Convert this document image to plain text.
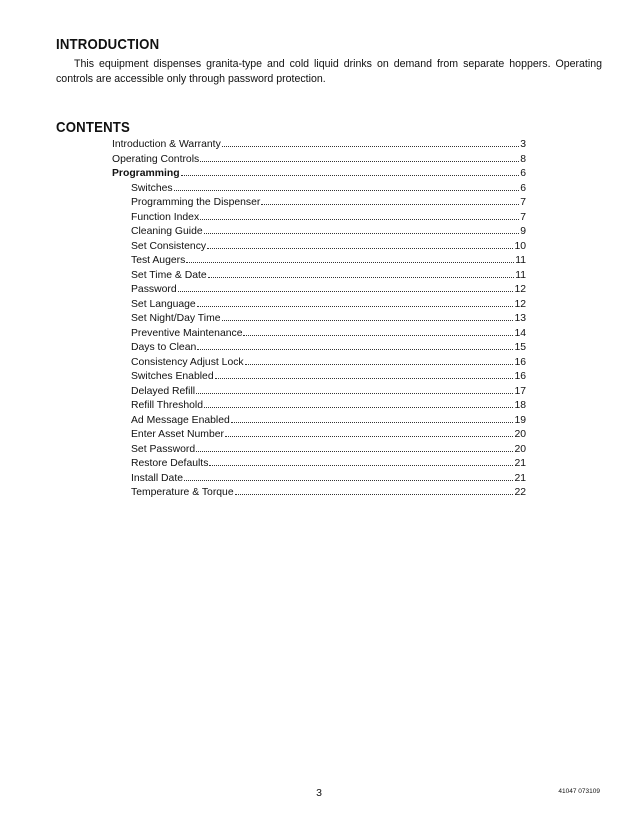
INTRODUCTION

This equipment dispenses granita-type and cold liquid drinks on demand from separate hoppers. Operating controls are accessible only through password protection.

CONTENTS
Introduction & Warranty	3
Operating Controls	8
Programming	6
Switches	6
Programming the Dispenser	7
Function Index	7
Cleaning Guide	9
Set Consistency	10
Test Augers	11
Set Time & Date	11
Password	12
Set Language	12
Set Night/Day Time	13
Preventive Maintenance	14
Days to Clean	15
Consistency Adjust Lock	16
Switches Enabled	16
Delayed Refill	17
Refill Threshold	18
Ad Message Enabled	19
Enter Asset Number	20
Set Password	20
Restore Defaults	21
Install Date	21
Temperature & Torque	22
3	41047 073109
